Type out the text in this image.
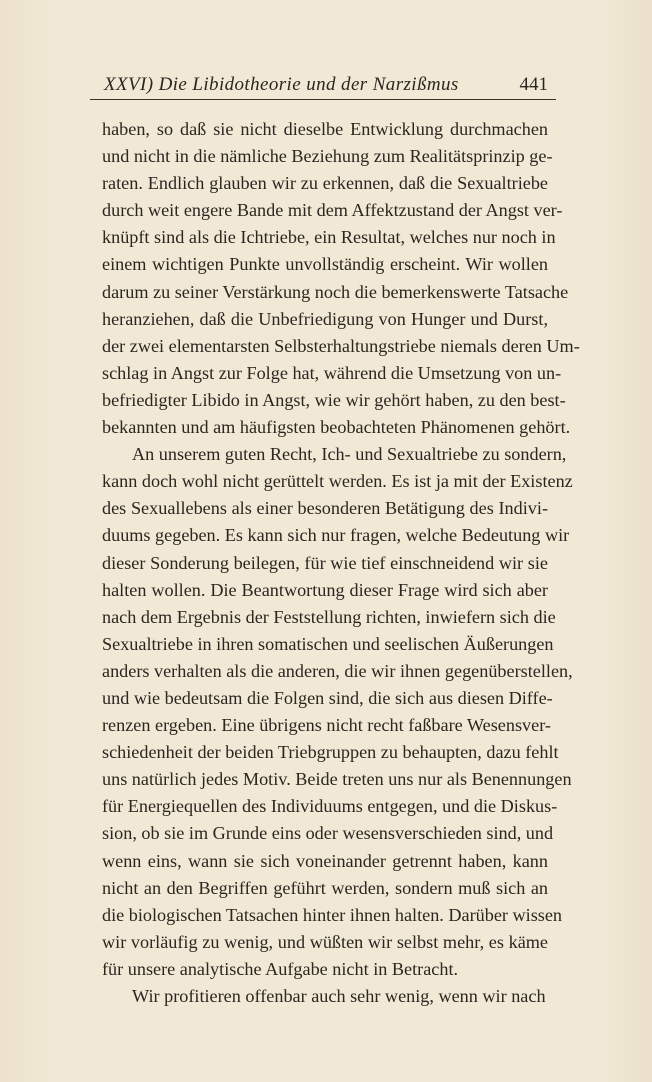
XXVI) Die Libidotheorie und der Narzißmus	441
haben, so daß sie nicht dieselbe Entwicklung durchmachen
und nicht in die nämliche Beziehung zum Realitätsprinzip ge-
raten. Endlich glauben wir zu erkennen, daß die Sexualtriebe
durch weit engere Bande mit dem Affektzustand der Angst ver-
knüpft sind als die Ichtriebe, ein Resultat, welches nur noch in
einem wichtigen Punkte unvollständig erscheint. Wir wollen
darum zu seiner Verstärkung noch die bemerkenswerte Tatsache
heranziehen, daß die Unbefriedigung von Hunger und Durst,
der zwei elementarsten Selbsterhaltungstriebe niemals deren Um-
schlag in Angst zur Folge hat, während die Umsetzung von un-
befriedigter Libido in Angst, wie wir gehört haben, zu den best-
bekannten und am häufigsten beobachteten Phänomenen gehört.
An unserem guten Recht, Ich- und Sexualtriebe zu sondern,
kann doch wohl nicht gerüttelt werden. Es ist ja mit der Existenz
des Sexuallebens als einer besonderen Betätigung des Indivi-
duums gegeben. Es kann sich nur fragen, welche Bedeutung wir
dieser Sonderung beilegen, für wie tief einschneidend wir sie
halten wollen. Die Beantwortung dieser Frage wird sich aber
nach dem Ergebnis der Feststellung richten, inwiefern sich die
Sexualtriebe in ihren somatischen und seelischen Äußerungen
anders verhalten als die anderen, die wir ihnen gegenüberstellen,
und wie bedeutsam die Folgen sind, die sich aus diesen Diffe-
renzen ergeben. Eine übrigens nicht recht faßbare Wesensver-
schiedenheit der beiden Triebgruppen zu behaupten, dazu fehlt
uns natürlich jedes Motiv. Beide treten uns nur als Benennungen
für Energiequellen des Individuums entgegen, und die Diskus-
sion, ob sie im Grunde eins oder wesensverschieden sind, und
wenn eins, wann sie sich voneinander getrennt haben, kann
nicht an den Begriffen geführt werden, sondern muß sich an
die biologischen Tatsachen hinter ihnen halten. Darüber wissen
wir vorläufig zu wenig, und wüßten wir selbst mehr, es käme
für unsere analytische Aufgabe nicht in Betracht.
Wir profitieren offenbar auch sehr wenig, wenn wir nach
